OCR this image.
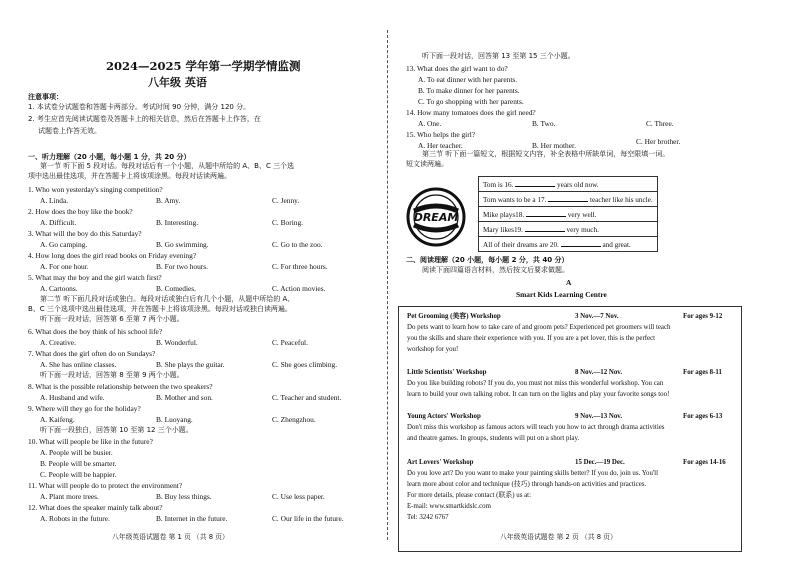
2024—2025 学年第一学期学情监测
八年级 英语
注意事项：
1. 本试卷分试题卷和答题卡两部分。考试时间 90 分钟，满分 120 分。
2. 考生应首先阅读试题卷及答题卡上的相关信息，然后在答题卡上作答，在
试题卷上作答无效。
一、听力理解（20 小题，每小题 1 分，共 20 分）
第一节 听下面 5 段对话。每段对话后有一个小题，从题中所给的 A、B、C 三个选
项中选出最佳选项，并在答题卡上将该项涂黑。每段对话读两遍。
1. Who won yesterday's singing competition?
A. Linda.	B. Amy.	C. Jenny.
2. How does the boy like the book?
A. Difficult.	B. Interesting.	C. Boring.
3. What will the boy do this Saturday?
A. Go camping.	B. Go swimming.	C. Go to the zoo.
4. How long does the girl read books on Friday evening?
A. For one hour.	B. For two hours.	C. For three hours.
5. What may the boy and the girl watch first?
A. Cartoons.	B. Comedies.	C. Action movies.
第二节 听下面几段对话或独白。每段对话或独白后有几个小题，从题中所给的 A、
B、C 三个选项中选出最佳选项，并在答题卡上将该项涂黑。每段对话或独白读两遍。
听下面一段对话，回答第 6 至第 7 两个小题。
6. What does the boy think of his school life?
A. Creative.	B. Wonderful.	C. Peaceful.
7. What does the girl often do on Sundays?
A. She has online classes.	B. She plays the guitar.	C. She goes climbing.
听下面一段对话，回答第 8 至第 9 两个小题。
8. What is the possible relationship between the two speakers?
A. Husband and wife.	B. Mother and son.	C. Teacher and student.
9. Where will they go for the holiday?
A. Kaifeng.	B. Luoyang.	C. Zhengzhou.
听下面一段独白，回答第 10 至第 12 三个小题。
10. What will people be like in the future?
A. People will be busier.
B. People will be smarter.
C. People will be happier.
11. What will people do to protect the environment?
A. Plant more trees.	B. Buy less things.	C. Use less paper.
12. What does the speaker mainly talk about?
A. Robots in the future.	B. Internet in the future.	C. Our life in the future.
八年级英语试题卷 第 1 页 （共 8 页）
听下面一段对话，回答第 13 至第 15 三个小题。
13. What does the girl want to do?
A. To eat dinner with her parents.
B. To make dinner for her parents.
C. To go shopping with her parents.
14. How many tomatoes does the girl need?
A. One.	B. Two.	C. Three.
15. Who helps the girl?
A. Her teacher.	B. Her mother.	C. Her brother.
第三节 听下面一篇短文，根据短文内容，补全表格中所缺单词，每空限填一词。
短文读两遍。
DREAM
Tom is 16.	years old now.
Tom wants to be a 17.	teacher like his uncle.
Mike plays18.	very well.
Mary likes19.	very much.
All of their dreams are 20.	and great.
二、阅读理解（20 小题，每小题 2 分，共 40 分）
阅读下面四篇语言材料，然后按文后要求做题。
A
Smart Kids Learning Centre
Pet Grooming (美容) Workshop	3 Nov.—7 Nov.	For ages 9-12
Do pets want to learn how to take care of and groom pets? Experienced pet groomers will teach
you the skills and share their experience with you. If you are a pet lover, this is the perfect
workshop for you!
Little Scientists' Workshop	8 Nov.—12 Nov.	For ages 8-11
Do you like building robots? If you do, you must not miss this wonderful workshop. You can
learn to build your own talking robot. It can turn on the lights and play your favorite songs too!
Young Actors' Workshop	9 Nov.—13 Nov.	For ages 6-13
Don't miss this workshop as famous actors will teach you how to act through drama activities
and theatre games. In groups, students will put on a short play.
Art Lovers' Workshop	15 Dec.—19 Dec.	For ages 14-16
Do you love art? Do you want to make your painting skills better? If you do, join us. You'll
learn more about color and technique (技巧) through hands-on activities and practices.
For more details, please contact (联系) us at:
E-mail: www.smartkidslc.com
Tel: 3242 6767
八年级英语试题卷 第 2 页 （共 8 页）
